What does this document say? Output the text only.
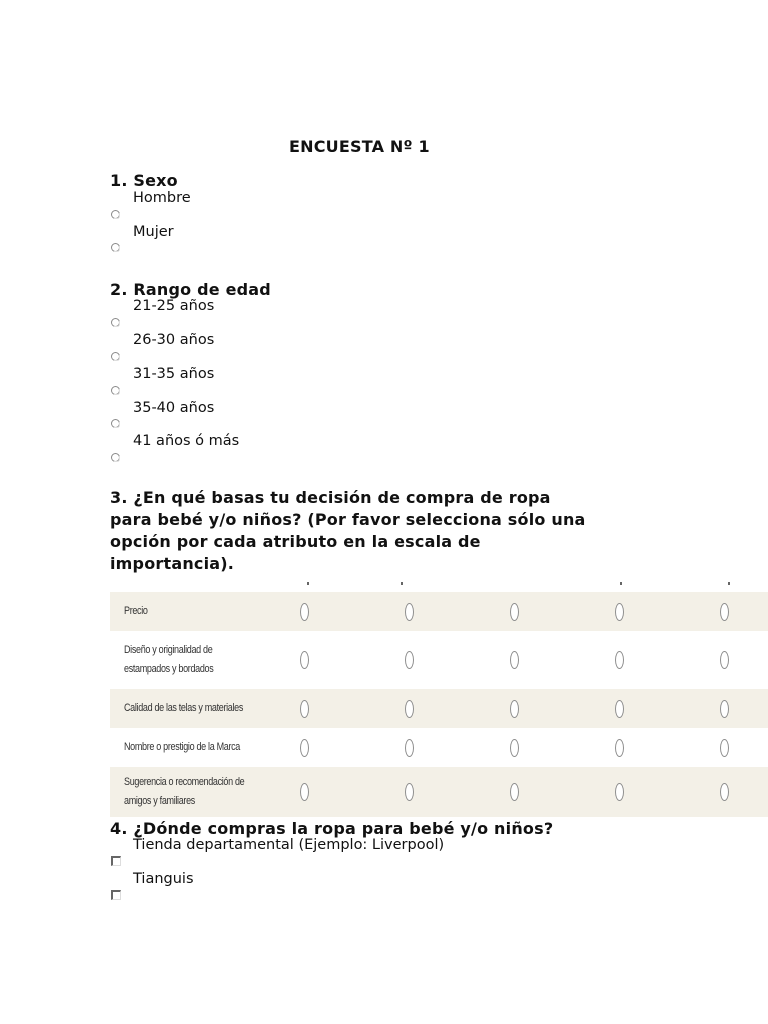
ENCUESTA Nº 1
1. Sexo
Hombre
Mujer
2. Rango de edad
21-25 años
26-30 años
31-35 años
35-40 años
41 años ó más
3. ¿En qué basas tu decisión de compra de ropa
para bebé y/o niños? (Por favor selecciona sólo una
opción por cada atributo en la escala de
importancia).
Precio
Diseño y originalidad de estampados y bordados
Calidad de las telas y materiales
Nombre o prestigio de la Marca
Sugerencia o recomendación de amigos y familiares
4. ¿Dónde compras la ropa para bebé y/o niños?
Tienda departamental (Ejemplo: Liverpool)
Tianguis
